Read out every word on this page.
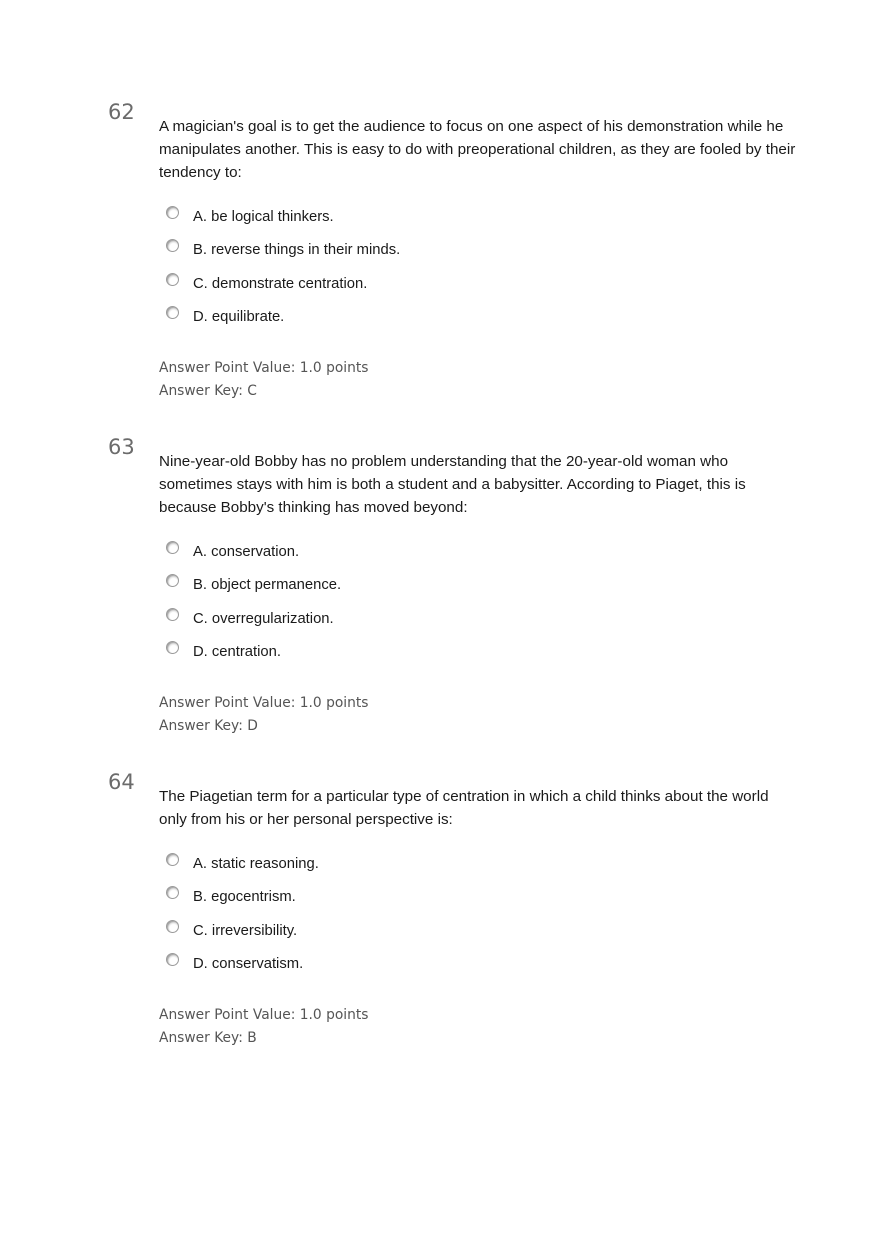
62
A magician's goal is to get the audience to focus on one aspect of his demonstration while he manipulates another. This is easy to do with preoperational children, as they are fooled by their tendency to:
A. be logical thinkers.
B. reverse things in their minds.
C. demonstrate centration.
D. equilibrate.
Answer Point Value: 1.0 points
Answer Key: C
63
Nine-year-old Bobby has no problem understanding that the 20-year-old woman who sometimes stays with him is both a student and a babysitter. According to Piaget, this is because Bobby's thinking has moved beyond:
A. conservation.
B. object permanence.
C. overregularization.
D. centration.
Answer Point Value: 1.0 points
Answer Key: D
64
The Piagetian term for a particular type of centration in which a child thinks about the world only from his or her personal perspective is:
A. static reasoning.
B. egocentrism.
C. irreversibility.
D. conservatism.
Answer Point Value: 1.0 points
Answer Key: B
